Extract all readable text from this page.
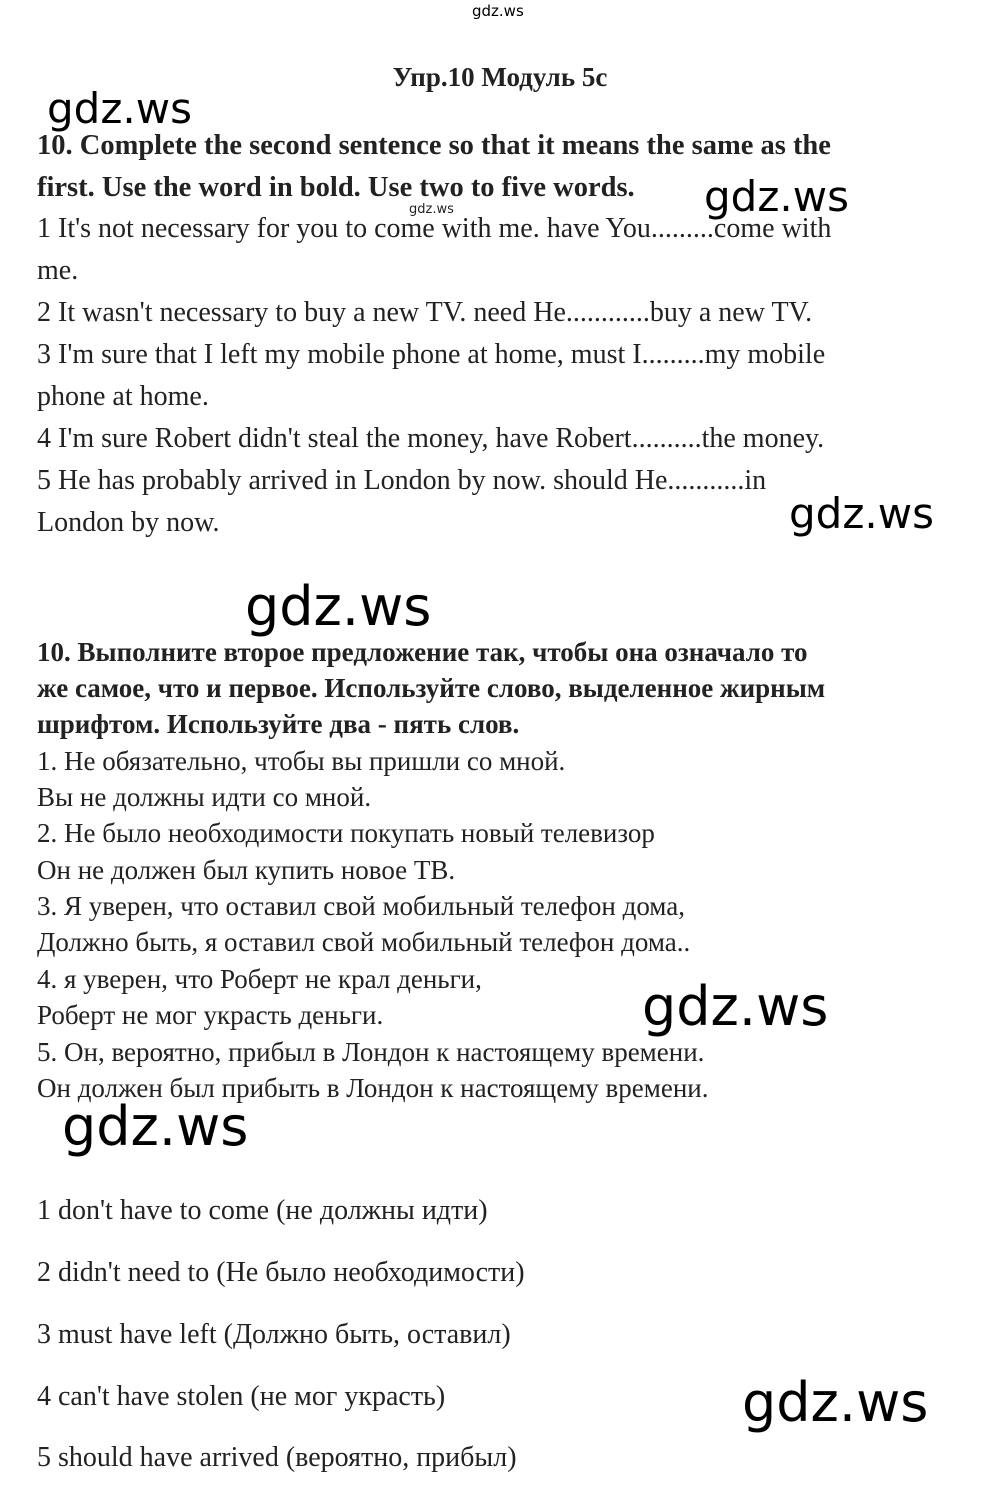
gdz.ws
gdz.ws
gdz.ws
gdz.ws
gdz.ws
gdz.ws
gdz.ws
gdz.ws
gdz.ws
Упр.10 Модуль 5с
10. Complete the second sentence so that it means the same as the
first. Use the word in bold. Use two to five words.
1 It's not necessary for you to come with me. have You.........come with
me.
2 It wasn't necessary to buy a new TV. need He............buy a new TV.
3 I'm sure that I left my mobile phone at home, must I.........my mobile
phone at home.
4 I'm sure Robert didn't steal the money, have Robert..........the money.
5 He has probably arrived in London by now. should He...........in
London by now.
10. Выполните второе предложение так, чтобы она означало то
же самое, что и первое. Используйте слово, выделенное жирным
шрифтом. Используйте два - пять слов.
1. Не обязательно, чтобы вы пришли со мной.
Вы не должны идти со мной.
2. Не было необходимости покупать новый телевизор
Он не должен был купить новое ТВ.
3. Я уверен, что оставил свой мобильный телефон дома,
Должно быть, я оставил свой мобильный телефон дома..
4. я уверен, что Роберт не крал деньги,
Роберт не мог украсть деньги.
5. Он, вероятно, прибыл в Лондон к настоящему времени.
Он должен был прибыть в Лондон к настоящему времени.
1 don't have to come (не должны идти)
2 didn't need to (Не было необходимости)
3 must have left (Должно быть, оставил)
4 can't have stolen (не мог украсть)
5 should have arrived (вероятно, прибыл)
